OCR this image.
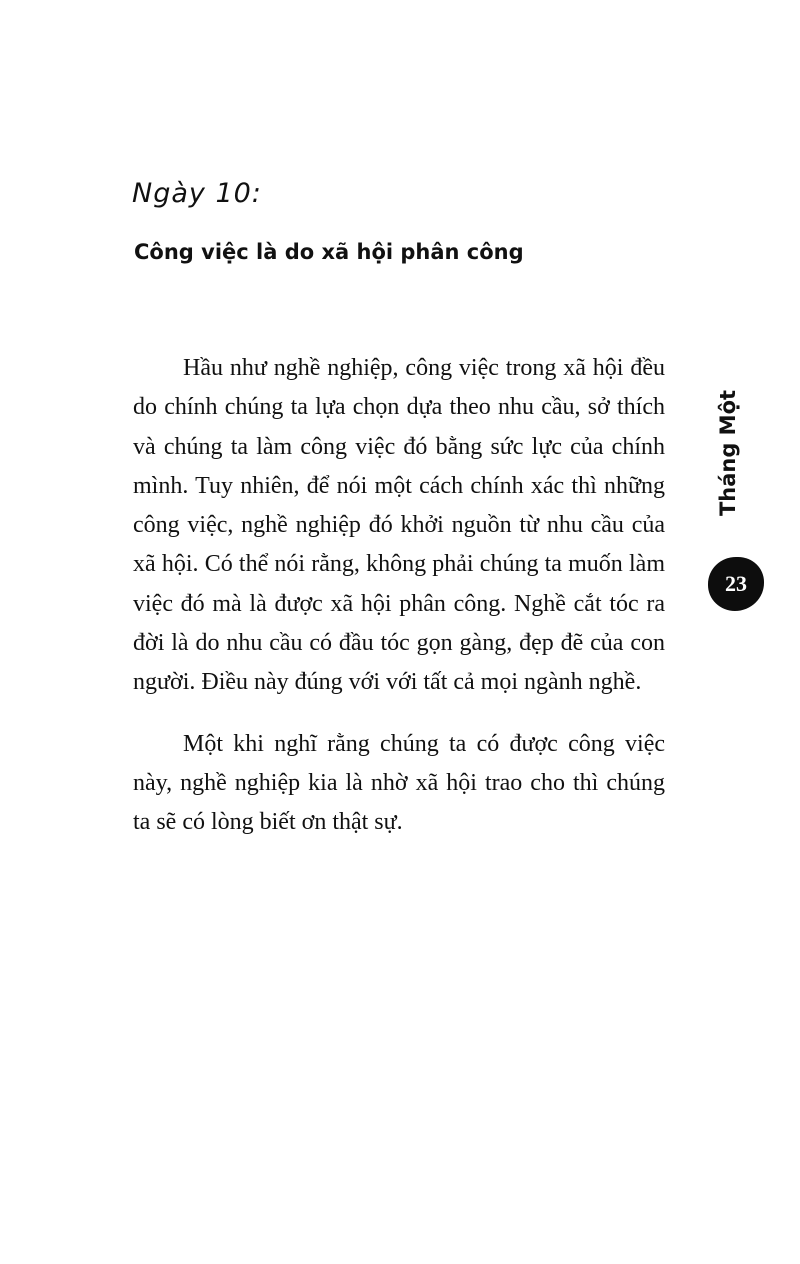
Ngày 10:
Công việc là do xã hội phân công

Hầu như nghề nghiệp, công việc trong xã hội đều do chính chúng ta lựa chọn dựa theo nhu cầu, sở thích và chúng ta làm công việc đó bằng sức lực của chính mình. Tuy nhiên, để nói một cách chính xác thì những công việc, nghề nghiệp đó khởi nguồn từ nhu cầu của xã hội. Có thể nói rằng, không phải chúng ta muốn làm việc đó mà là được xã hội phân công. Nghề cắt tóc ra đời là do nhu cầu có đầu tóc gọn gàng, đẹp đẽ của con người. Điều này đúng với với tất cả mọi ngành nghề.

Một khi nghĩ rằng chúng ta có được công việc này, nghề nghiệp kia là nhờ xã hội trao cho thì chúng ta sẽ có lòng biết ơn thật sự.

Tháng Một
23
